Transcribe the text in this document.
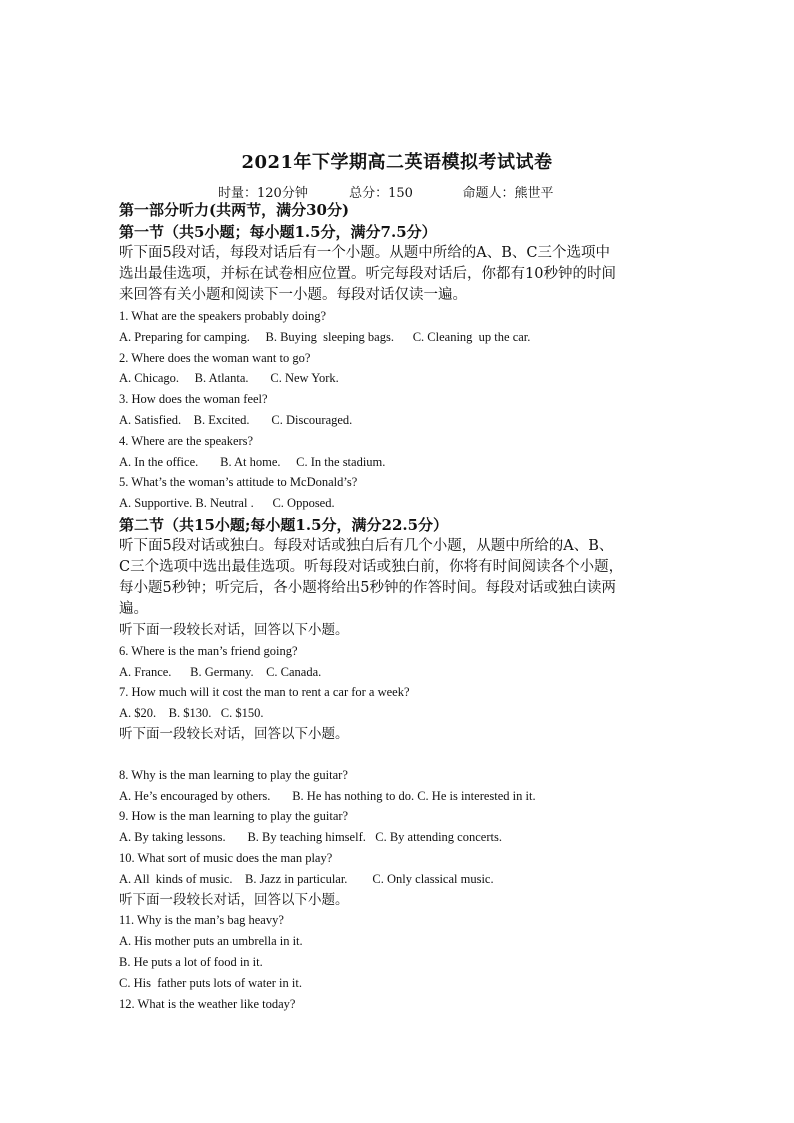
2021年下学期高二英语模拟考试试卷
时量：120分钟          总分：150            命题人：熊世平
第一部分听力(共两节，满分30分)
第一节（共5小题；每小题1.5分，满分7.5分）
听下面5段对话，每段对话后有一个小题。从题中所给的A、B、C三个选项中
选出最佳选项，并标在试卷相应位置。听完每段对话后，你都有10秒钟的时间
来回答有关小题和阅读下一小题。每段对话仅读一遍。
1. What are the speakers probably doing?
A. Preparing for camping.     B. Buying  sleeping bags.      C. Cleaning  up the car.
2. Where does the woman want to go?
A. Chicago.     B. Atlanta.       C. New York.
3. How does the woman feel?
A. Satisfied.    B. Excited.       C. Discouraged.
4. Where are the speakers?
A. In the office.       B. At home.     C. In the stadium.
5. What’s the woman’s attitude to McDonald’s?
A. Supportive. B. Neutral .      C. Opposed.
第二节（共15小题;每小题1.5分，满分22.5分）
听下面5段对话或独白。每段对话或独白后有几个小题，从题中所给的A、B、
C三个选项中选出最佳选项。听每段对话或独白前，你将有时间阅读各个小题，
每小题5秒钟；听完后，各小题将给出5秒钟的作答时间。每段对话或独白读两
遍。
听下面一段较长对话，回答以下小题。
6. Where is the man’s friend going?
A. France.      B. Germany.    C. Canada.
7. How much will it cost the man to rent a car for a week?
A. $20.    B. $130.   C. $150.
听下面一段较长对话，回答以下小题。
8. Why is the man learning to play the guitar?
A. He’s encouraged by others.       B. He has nothing to do. C. He is interested in it.
9. How is the man learning to play the guitar?
A. By taking lessons.       B. By teaching himself.   C. By attending concerts.
10. What sort of music does the man play?
A. All  kinds of music.    B. Jazz in particular.        C. Only classical music.
听下面一段较长对话，回答以下小题。
11. Why is the man’s bag heavy?
A. His mother puts an umbrella in it.
B. He puts a lot of food in it.
C. His  father puts lots of water in it.
12. What is the weather like today?
